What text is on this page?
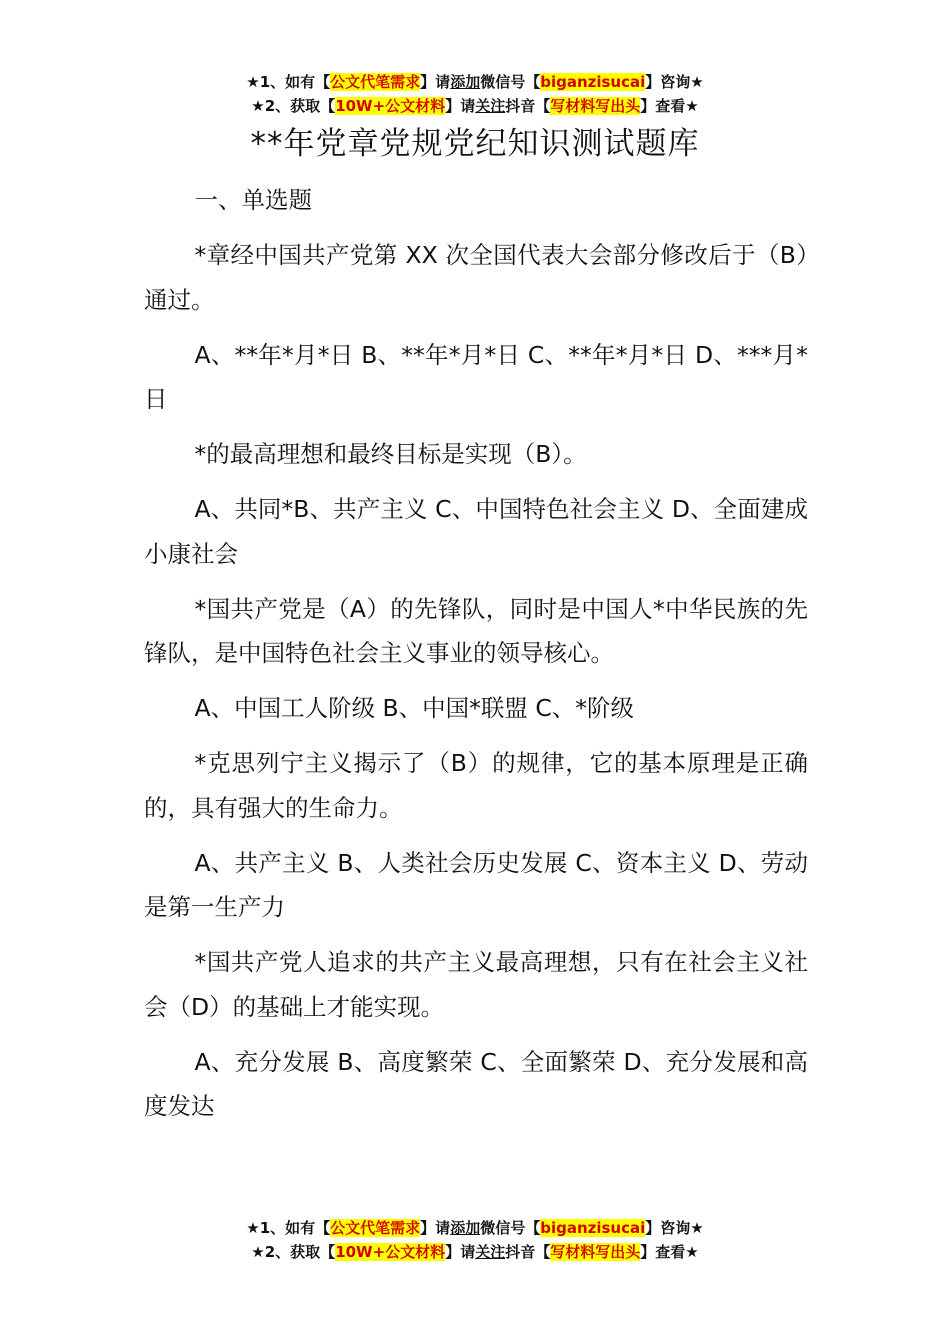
★1、如有【公文代笔需求】请添加微信号【biganzisucai】咨询★
★2、获取【10W+公文材料】请关注抖音【写材料写出头】查看★
**年党章党规党纪知识测试题库

一、单选题

*章经中国共产党第 XX 次全国代表大会部分修改后于（B）通过。

A、**年*月*日 B、**年*月*日 C、**年*月*日 D、***月*日

*的最高理想和最终目标是实现（B）。

A、共同*B、共产主义 C、中国特色社会主义 D、全面建成小康社会

*国共产党是（A）的先锋队，同时是中国人*中华民族的先锋队，是中国特色社会主义事业的领导核心。

A、中国工人阶级 B、中国*联盟 C、*阶级

*克思列宁主义揭示了（B）的规律，它的基本原理是正确的，具有强大的生命力。

A、共产主义 B、人类社会历史发展 C、资本主义 D、劳动是第一生产力

*国共产党人追求的共产主义最高理想，只有在社会主义社会（D）的基础上才能实现。

A、充分发展 B、高度繁荣 C、全面繁荣 D、充分发展和高度发达

★1、如有【公文代笔需求】请添加微信号【biganzisucai】咨询★
★2、获取【10W+公文材料】请关注抖音【写材料写出头】查看★
